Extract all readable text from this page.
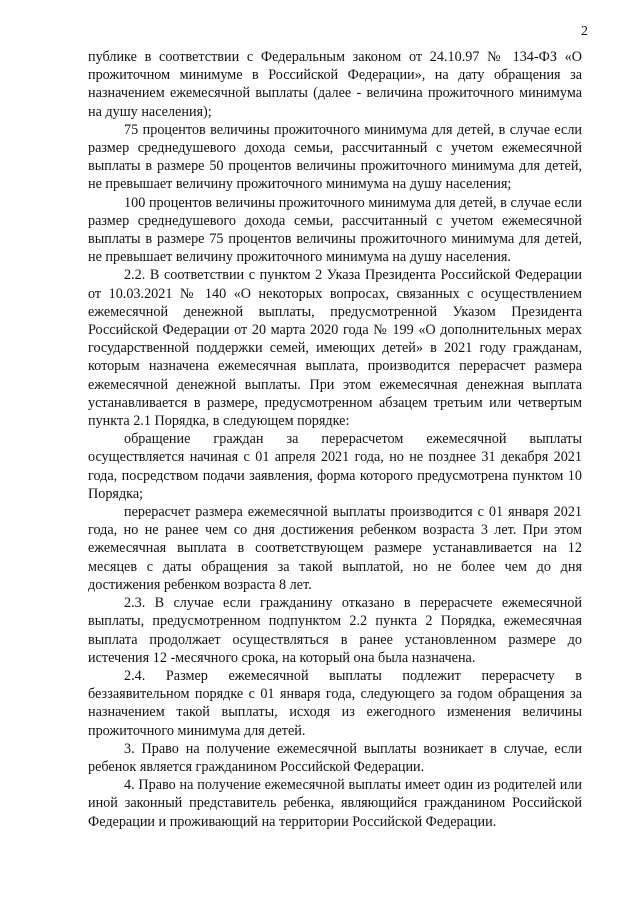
2

публике в соответствии с Федеральным законом от 24.10.97 № 134-ФЗ «О прожиточном минимуме в Российской Федерации», на дату обращения за назначением ежемесячной выплаты (далее - величина прожиточного минимума на душу населения);

75 процентов величины прожиточного минимума для детей, в случае если размер среднедушевого дохода семьи, рассчитанный с учетом ежемесячной выплаты в размере 50 процентов величины прожиточного минимума для детей, не превышает величину прожиточного минимума на душу населения;

100 процентов величины прожиточного минимума для детей, в случае если размер среднедушевого дохода семьи, рассчитанный с учетом ежемесячной выплаты в размере 75 процентов величины прожиточного минимума для детей, не превышает величину прожиточного минимума на душу населения.

2.2. В соответствии с пунктом 2 Указа Президента Российской Федерации от 10.03.2021 № 140 «О некоторых вопросах, связанных с осуществлением ежемесячной денежной выплаты, предусмотренной Указом Президента Российской Федерации от 20 марта 2020 года № 199 «О дополнительных мерах государственной поддержки семей, имеющих детей» в 2021 году гражданам, которым назначена ежемесячная выплата, производится перерасчет размера ежемесячной денежной выплаты. При этом ежемесячная денежная выплата устанавливается в размере, предусмотренном абзацем третьим или четвертым пункта 2.1 Порядка, в следующем порядке:

обращение граждан за перерасчетом ежемесячной выплаты осуществляется начиная с 01 апреля 2021 года, но не позднее 31 декабря 2021 года, посредством подачи заявления, форма которого предусмотрена пунктом 10 Порядка;

перерасчет размера ежемесячной выплаты производится с 01 января 2021 года, но не ранее чем со дня достижения ребенком возраста 3 лет. При этом ежемесячная выплата в соответствующем размере устанавливается на 12 месяцев с даты обращения за такой выплатой, но не более чем до дня достижения ребенком возраста 8 лет.

2.3. В случае если гражданину отказано в перерасчете ежемесячной выплаты, предусмотренном подпунктом 2.2 пункта 2 Порядка, ежемесячная выплата продолжает осуществляться в ранее установленном размере до истечения 12 -месячного срока, на который она была назначена.

2.4. Размер ежемесячной выплаты подлежит перерасчету в беззаявительном порядке с 01 января года, следующего за годом обращения за назначением такой выплаты, исходя из ежегодного изменения величины прожиточного минимума для детей.

3. Право на получение ежемесячной выплаты возникает в случае, если ребенок является гражданином Российской Федерации.

4. Право на получение ежемесячной выплаты имеет один из родителей или иной законный представитель ребенка, являющийся гражданином Российской Федерации и проживающий на территории Российской Федерации.
